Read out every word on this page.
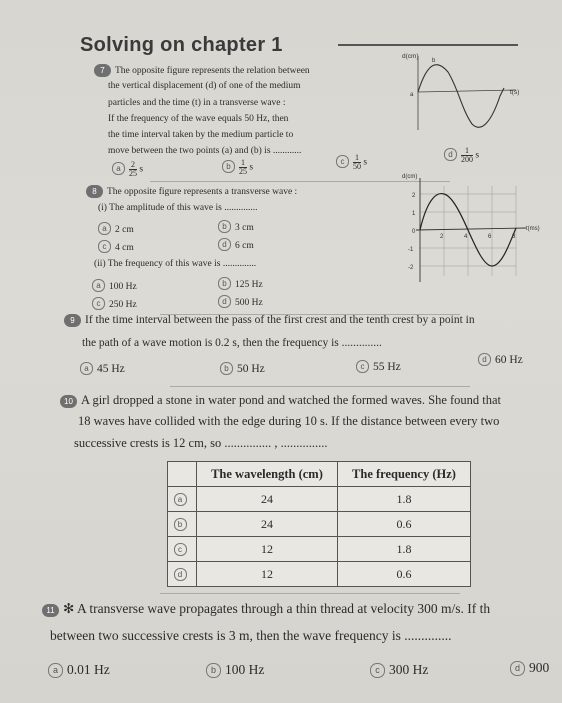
Solving on chapter 1
7 The opposite figure represents the relation between
the vertical displacement (d) of one of the medium
particles and the time (t) in a transverse wave :
If the frequency of the wave equals 50 Hz, then
the time interval taken by the medium particle to
move between the two points (a) and (b) is ............
a $\frac{2}{25}$ s	b $\frac{1}{25}$ s
c $\frac{1}{50}$ s
d $\frac{1}{200}$ s
d(cm)
t(s)
a
b
8 The opposite figure represents a transverse wave :
(i) The amplitude of this wave is ..............
a 2 cm	b 3 cm
c 4 cm	d 6 cm
(ii) The frequency of this wave is ..............
a 100 Hz	b 125 Hz
c 250 Hz	d 500 Hz
d(cm)
t(ms)
2
1
0
-1
-2
2	4	6	8
9 If the time interval between the pass of the first crest and the tenth crest by a point in
the path of a wave motion is 0.2 s, then the frequency is ..............
a 45 Hz	b 50 Hz	c 55 Hz
d 60 Hz
10 A girl dropped a stone in water pond and watched the formed waves. She found that
18 waves have collided with the edge during 10 s. If the distance between every two
successive crests is 12 cm, so ............... , ...............
	The wavelength (cm)	The frequency (Hz)
a	24	1.8
b	24	0.6
c	12	1.8
d	12	0.6
11 ✻ A transverse wave propagates through a thin thread at velocity 300 m/s. If th
between two successive crests is 3 m, then the wave frequency is ..............
a 0.01 Hz	b 100 Hz	c 300 Hz	d 900
